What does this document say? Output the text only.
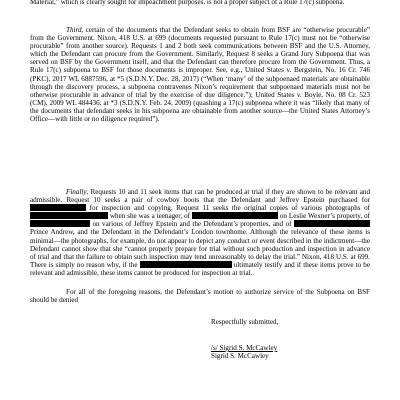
Material,” which is clearly sought for impeachment purposes, is not a proper subject of a Rule 17(c) subpoena.

Third, certain of the documents that the Defendant seeks to obtain from BSF are “otherwise procurable” from the Government. Nixon, 418 U.S. at 699 (documents requested pursuant to Rule 17(c) must not be “otherwise procurable” from another source). Requests 1 and 2 both seek communications between BSF and the U.S. Attorney, which the Defendant can procure from the Government. Similarly, Request 8 seeks a Grand Jury Subpoena that was served on BSF by the Government itself, and that the Defendant can therefore procure from the Government. Thus, a Rule 17(c) subpoena to BSF for those documents is improper. See, e.g., United States v. Bergstein, No. 16 Cr. 746 (PKC), 2017 WL 6887596, at *5 (S.D.N.Y. Dec. 28, 2017) (“When ‘many’ of the subpoenaed materials are obtainable through the discovery process, a subpoena contravenes Nixon’s requirement that subpoenaed materials must not be otherwise procurable in advance of trial by the exercise of due diligence.”); United States v. Boyle, No. 08 Cr. 523 (CM), 2009 WL 484436, at *3 (S.D.N.Y. Feb. 24, 2009) (quashing a 17(c) subpoena where it was “likely that many of the documents that defendant seeks in his subpoena are obtainable from another source—the United States Attorney’s Office—with little or no diligence required”).

Finally, Requests 10 and 11 seek items that can be produced at trial if they are shown to be relevant and admissible. Request 10 seeks a pair of cowboy boots that the Defendant and Jeffrey Epstein purchased for  for inspection and copying. Request 11 seeks the original copies of various photographs of  when she was a teenager, of	on Leslie Wexner’s property, of  on various of Jeffrey Epstein and the Defendant’s properties, and of  Prince Andrew, and the Defendant in the Defendant’s London townhome. Although the relevance of these items is minimal—the photographs, for example, do not appear to depict any conduct or event described in the indictment—the Defendant cannot show that she “cannot properly prepare for trial without such production and inspection in advance of trial and that the failure to obtain such inspection may tend unreasonably to delay the trial.” Nixon, 418 U.S. at 699. There is simply no reason why, if the	ultimately testify and if these items prove to be relevant and admissible, these items cannot be produced for inspection at trial.

For all of the foregoing reasons, the Defendant’s motion to authorize service of the Subpoena on BSF should be denied

Respectfully submitted,
/s/ Sigrid S. McCawley
Sigrid S. McCawley
